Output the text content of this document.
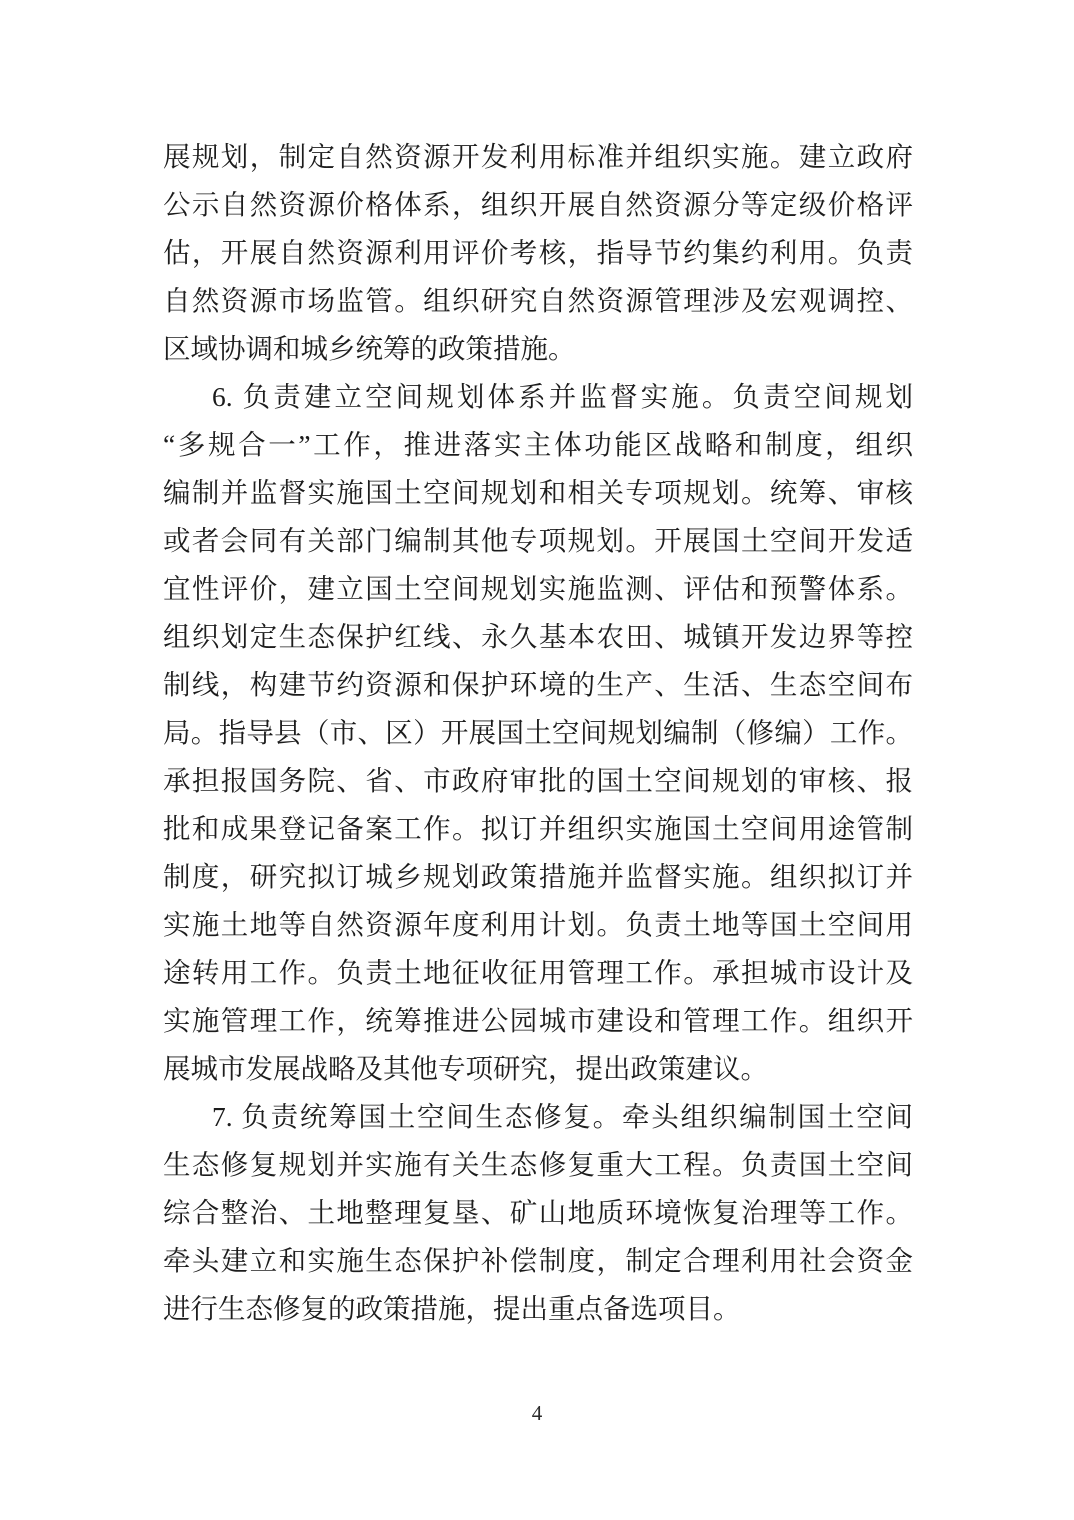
展规划，制定自然资源开发利用标准并组织实施。建立政府
公示自然资源价格体系，组织开展自然资源分等定级价格评
估，开展自然资源利用评价考核，指导节约集约利用。负责
自然资源市场监管。组织研究自然资源管理涉及宏观调控、
区域协调和城乡统筹的政策措施。
6. 负责建立空间规划体系并监督实施。负责空间规划
“多规合一”工作，推进落实主体功能区战略和制度，组织
编制并监督实施国土空间规划和相关专项规划。统筹、审核
或者会同有关部门编制其他专项规划。开展国土空间开发适
宜性评价，建立国土空间规划实施监测、评估和预警体系。
组织划定生态保护红线、永久基本农田、城镇开发边界等控
制线，构建节约资源和保护环境的生产、生活、生态空间布
局。指导县（市、区）开展国土空间规划编制（修编）工作。
承担报国务院、省、市政府审批的国土空间规划的审核、报
批和成果登记备案工作。拟订并组织实施国土空间用途管制
制度，研究拟订城乡规划政策措施并监督实施。组织拟订并
实施土地等自然资源年度利用计划。负责土地等国土空间用
途转用工作。负责土地征收征用管理工作。承担城市设计及
实施管理工作，统筹推进公园城市建设和管理工作。组织开
展城市发展战略及其他专项研究，提出政策建议。
7. 负责统筹国土空间生态修复。牵头组织编制国土空间
生态修复规划并实施有关生态修复重大工程。负责国土空间
综合整治、土地整理复垦、矿山地质环境恢复治理等工作。
牵头建立和实施生态保护补偿制度，制定合理利用社会资金
进行生态修复的政策措施，提出重点备选项目。
4
